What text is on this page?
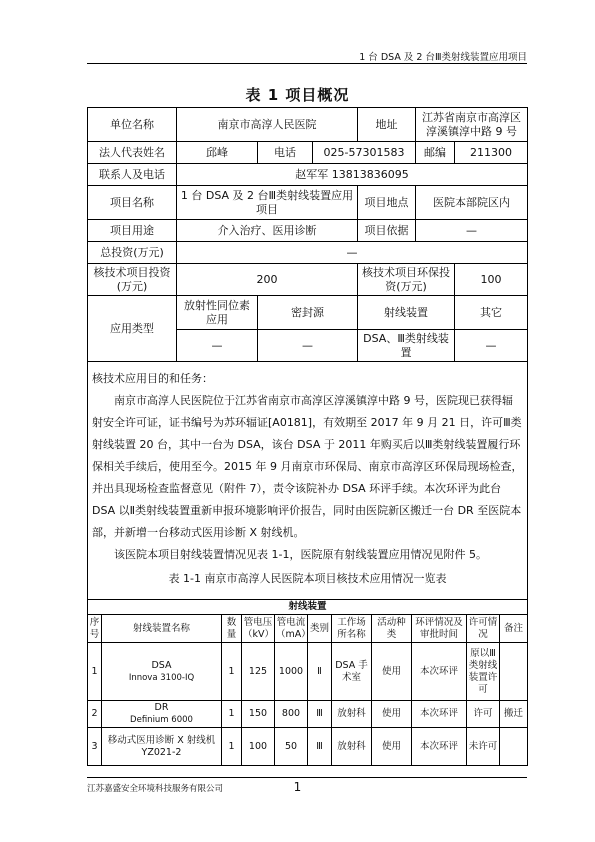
1 台 DSA 及 2 台Ⅲ类射线装置应用项目
表 1 项目概况
单位名称	南京市高淳人民医院			地址	江苏省南京市高淳区淳溪镇淳中路 9 号	
法人代表姓名	邱峰	电话	025-57301583		邮编	211300
联系人及电话	赵军军 13813836095					
项目名称	1 台 DSA 及 2 台Ⅲ类射线装置应用项目			项目地点	医院本部院区内	
项目用途	介入治疗、医用诊断			项目依据	—	
总投资(万元)	—					
核技术项目投资(万元)	200			核技术项目环保投资(万元)		100
应用类型	放射性同位素应用	密封源		射线装置		其它
	—	—		DSA、Ⅲ类射线装置		—

核技术应用目的和任务：

南京市高淳人民医院位于江苏省南京市高淳区淳溪镇淳中路 9 号，医院现已获得辐射安全许可证，证书编号为苏环辐证[A0181]，有效期至 2017 年 9 月 21 日，许可Ⅲ类射线装置 20 台，其中一台为 DSA，该台 DSA 于 2011 年购买后以Ⅲ类射线装置履行环保相关手续后，使用至今。2015 年 9 月南京市环保局、南京市高淳区环保局现场检查，并出具现场检查监督意见（附件 7），责令该院补办 DSA 环评手续。本次环评为此台 DSA 以Ⅱ类射线装置重新申报环境影响评价报告，同时由医院新区搬迁一台 DR 至医院本部，并新增一台移动式医用诊断 X 射线机。

该医院本项目射线装置情况见表 1-1，医院原有射线装置应用情况见附件 5。

表 1-1 南京市高淳人民医院本项目核技术应用情况一览表						

射线装置										
序号	射线装置名称	数量	管电压（kV）	管电流（mA）	类别	工作场所名称	活动种类	环评情况及审批时间	许可情况	备注
1	DSA
Innova 3100-IQ	1	125	1000	Ⅱ	DSA 手术室	使用	本次环评	原以Ⅲ类射线装置许可	
2	DR
Definium 6000	1	150	800	Ⅲ	放射科	使用	本次环评	许可	搬迁
3	移动式医用诊断 X 射线机
YZ021-2	1	100	50	Ⅲ	放射科	使用	本次环评	未许可	
江苏嘉盛安全环境科技服务有限公司	1
